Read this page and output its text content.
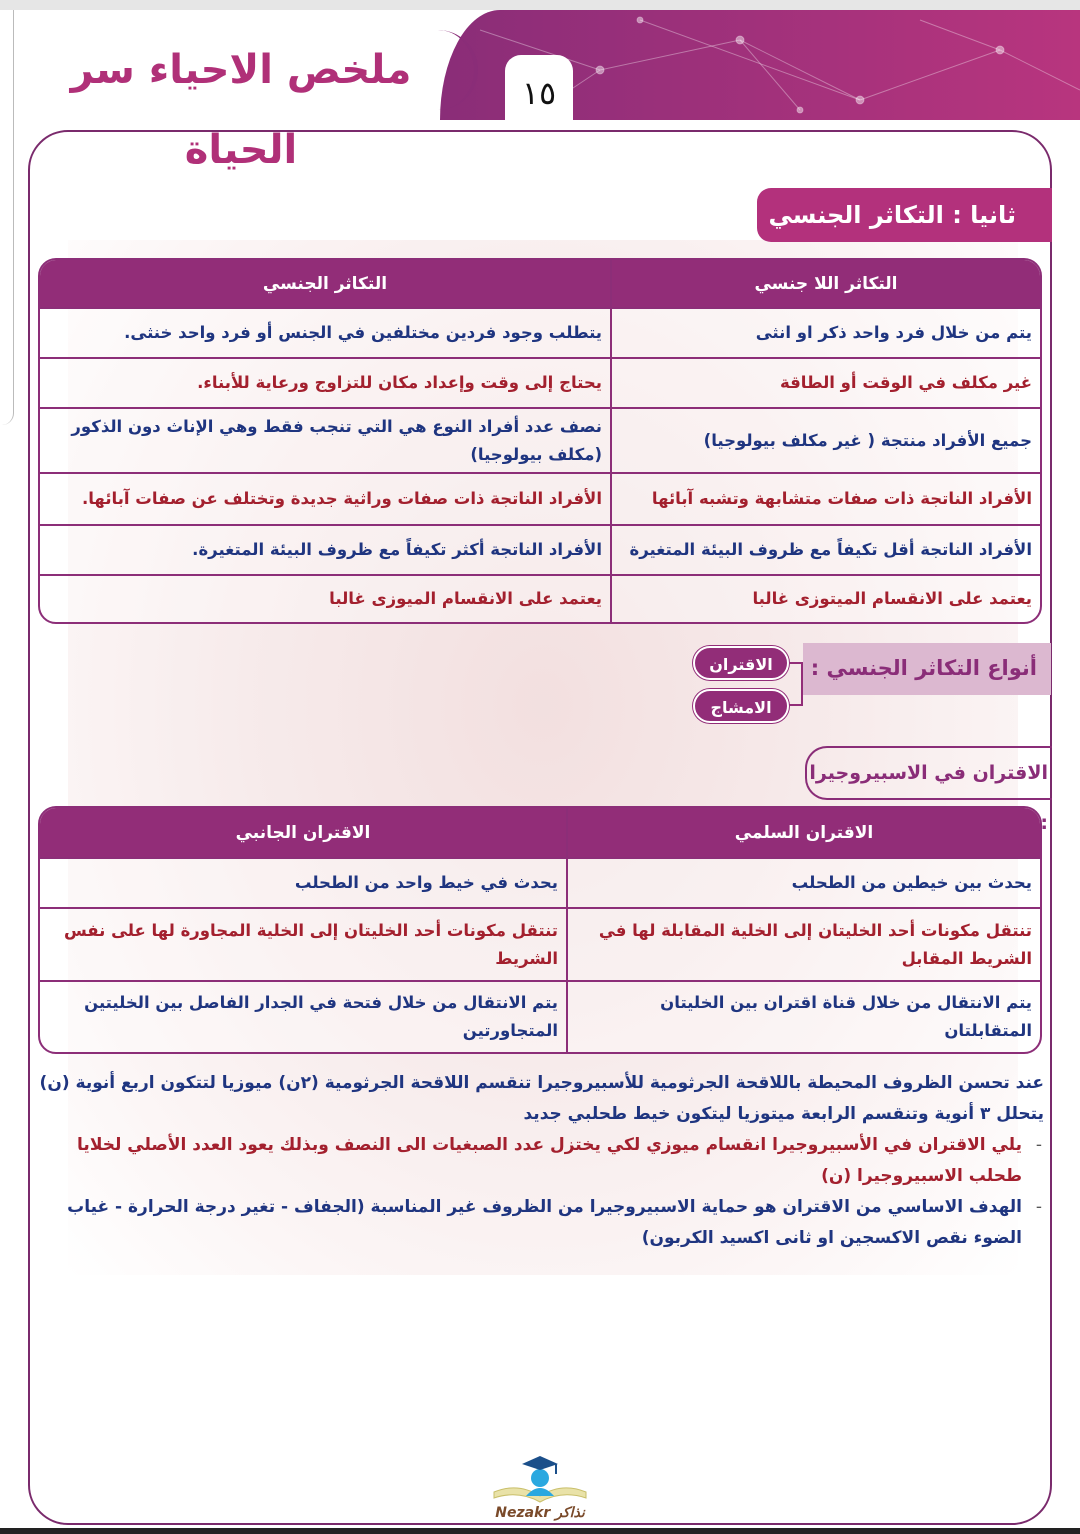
ملخص الاحياء سر الحياة
١٥
ثانيا : التكاثر الجنسي
التكاثر اللا جنسي	التكاثر الجنسي
يتم من خلال فرد واحد ذكر او انثى	يتطلب وجود فردين مختلفين في الجنس أو فرد واحد خنثى.
غير مكلف في الوقت أو الطاقة	يحتاج إلى وقت وإعداد مكان للتزاوج ورعاية للأبناء.
جميع الأفراد منتجة ( غير مكلف بيولوجيا)	نصف عدد أفراد النوع هي التي تنجب فقط وهي الإناث دون الذكور (مكلف بيولوجيا)
الأفراد الناتجة ذات صفات متشابهة وتشبه آبائها	الأفراد الناتجة ذات صفات وراثية جديدة وتختلف عن صفات آبائها.
الأفراد الناتجة أقل تكيفاً مع ظروف البيئة المتغيرة	الأفراد الناتجة أكثر تكيفاً مع ظروف البيئة المتغيرة.
يعتمد على الانقسام الميتوزى غالبا	يعتمد على الانقسام الميوزى غالبا
أنواع التكاثر الجنسي :
الاقتران
الامشاج
الاقتران في الاسبيروجيرا :
الاقتران السلمي	الاقتران الجانبي
يحدث بين خيطين من الطحلب	يحدث في خيط واحد من الطحلب
تنتقل مكونات أحد الخليتان إلى الخلية المقابلة لها في الشريط المقابل	تنتقل مكونات أحد الخليتان إلى الخلية المجاورة لها على نفس الشريط
يتم الانتقال من خلال قناة اقتران بين الخليتان المتقابلتان	يتم الانتقال من خلال فتحة في الجدار الفاصل بين الخليتين المتجاورتين

عند تحسن الظروف المحيطة باللاقحة الجرثومية للأسبيروجيرا تنقسم اللاقحة الجرثومية (٢ن) ميوزيا لتتكون اربع أنوية (ن) يتحلل ٣ أنوية وتنقسم الرابعة ميتوزيا ليتكون خيط طحلبي جديد

- يلي الاقتران في الأسبيروجيرا انقسام ميوزي لكي يختزل عدد الصبغيات الى النصف وبذلك يعود العدد الأصلي لخلايا طحلب الاسبيروجيرا (ن)

- الهدف الاساسي من الاقتران هو حماية الاسبيروجيرا من الظروف غير المناسبة (الجفاف - تغير درجة الحرارة - غياب الضوء نقص الاكسجين او ثانى اكسيد الكربون)

Nezakr نذاكر
